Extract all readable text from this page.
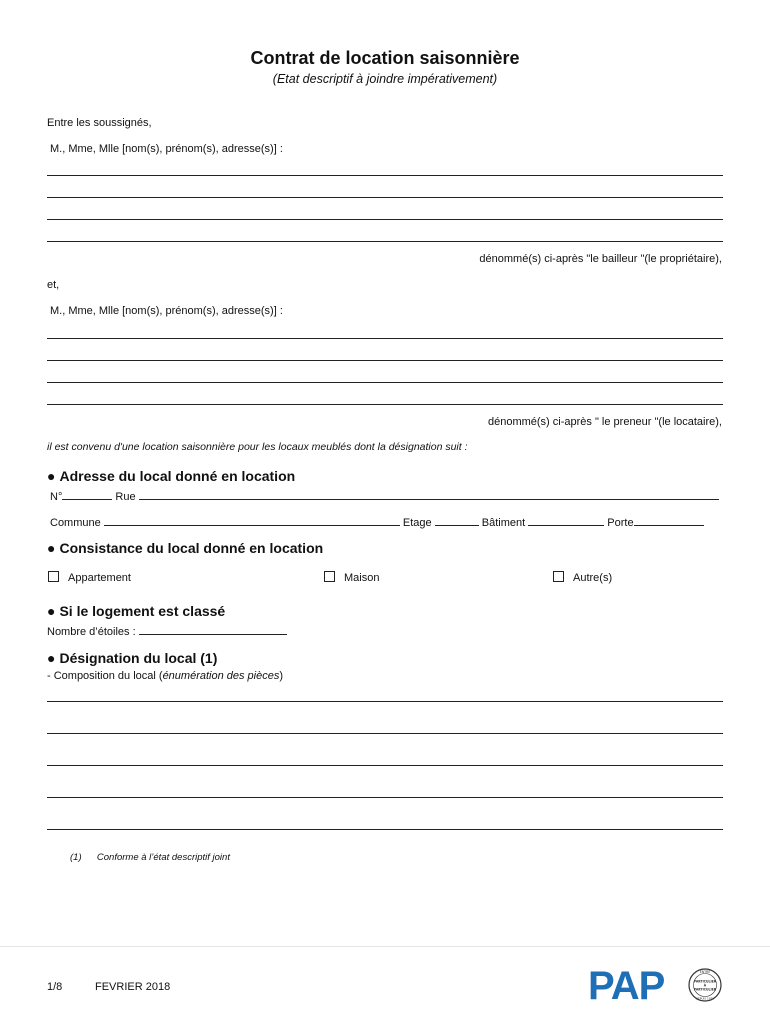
Contrat de location saisonnière
(Etat descriptif à joindre impérativement)
Entre les soussignés,
M., Mme, Mlle [nom(s), prénom(s), adresse(s)] :
dénommé(s) ci-après "le bailleur "(le propriétaire),
et,
M., Mme, Mlle [nom(s), prénom(s), adresse(s)] :
dénommé(s) ci-après " le preneur "(le locataire),
il est convenu d'une location saisonnière pour les locaux meublés dont la désignation suit :
● Adresse du local donné en location
N°	Rue
Commune	Etage	Bâtiment	Porte
● Consistance du local donné en location
Appartement	Maison	Autre(s)
● Si le logement est classé
Nombre d’étoiles :
● Désignation du local (1)
- Composition du local (énumération des pièces)
(1) Conforme à l’état descriptif joint
1/8	FEVRIER 2018	PAP	ENTRE
PARTICULIER
À
PARTICULIER
DEPUIS 1975
